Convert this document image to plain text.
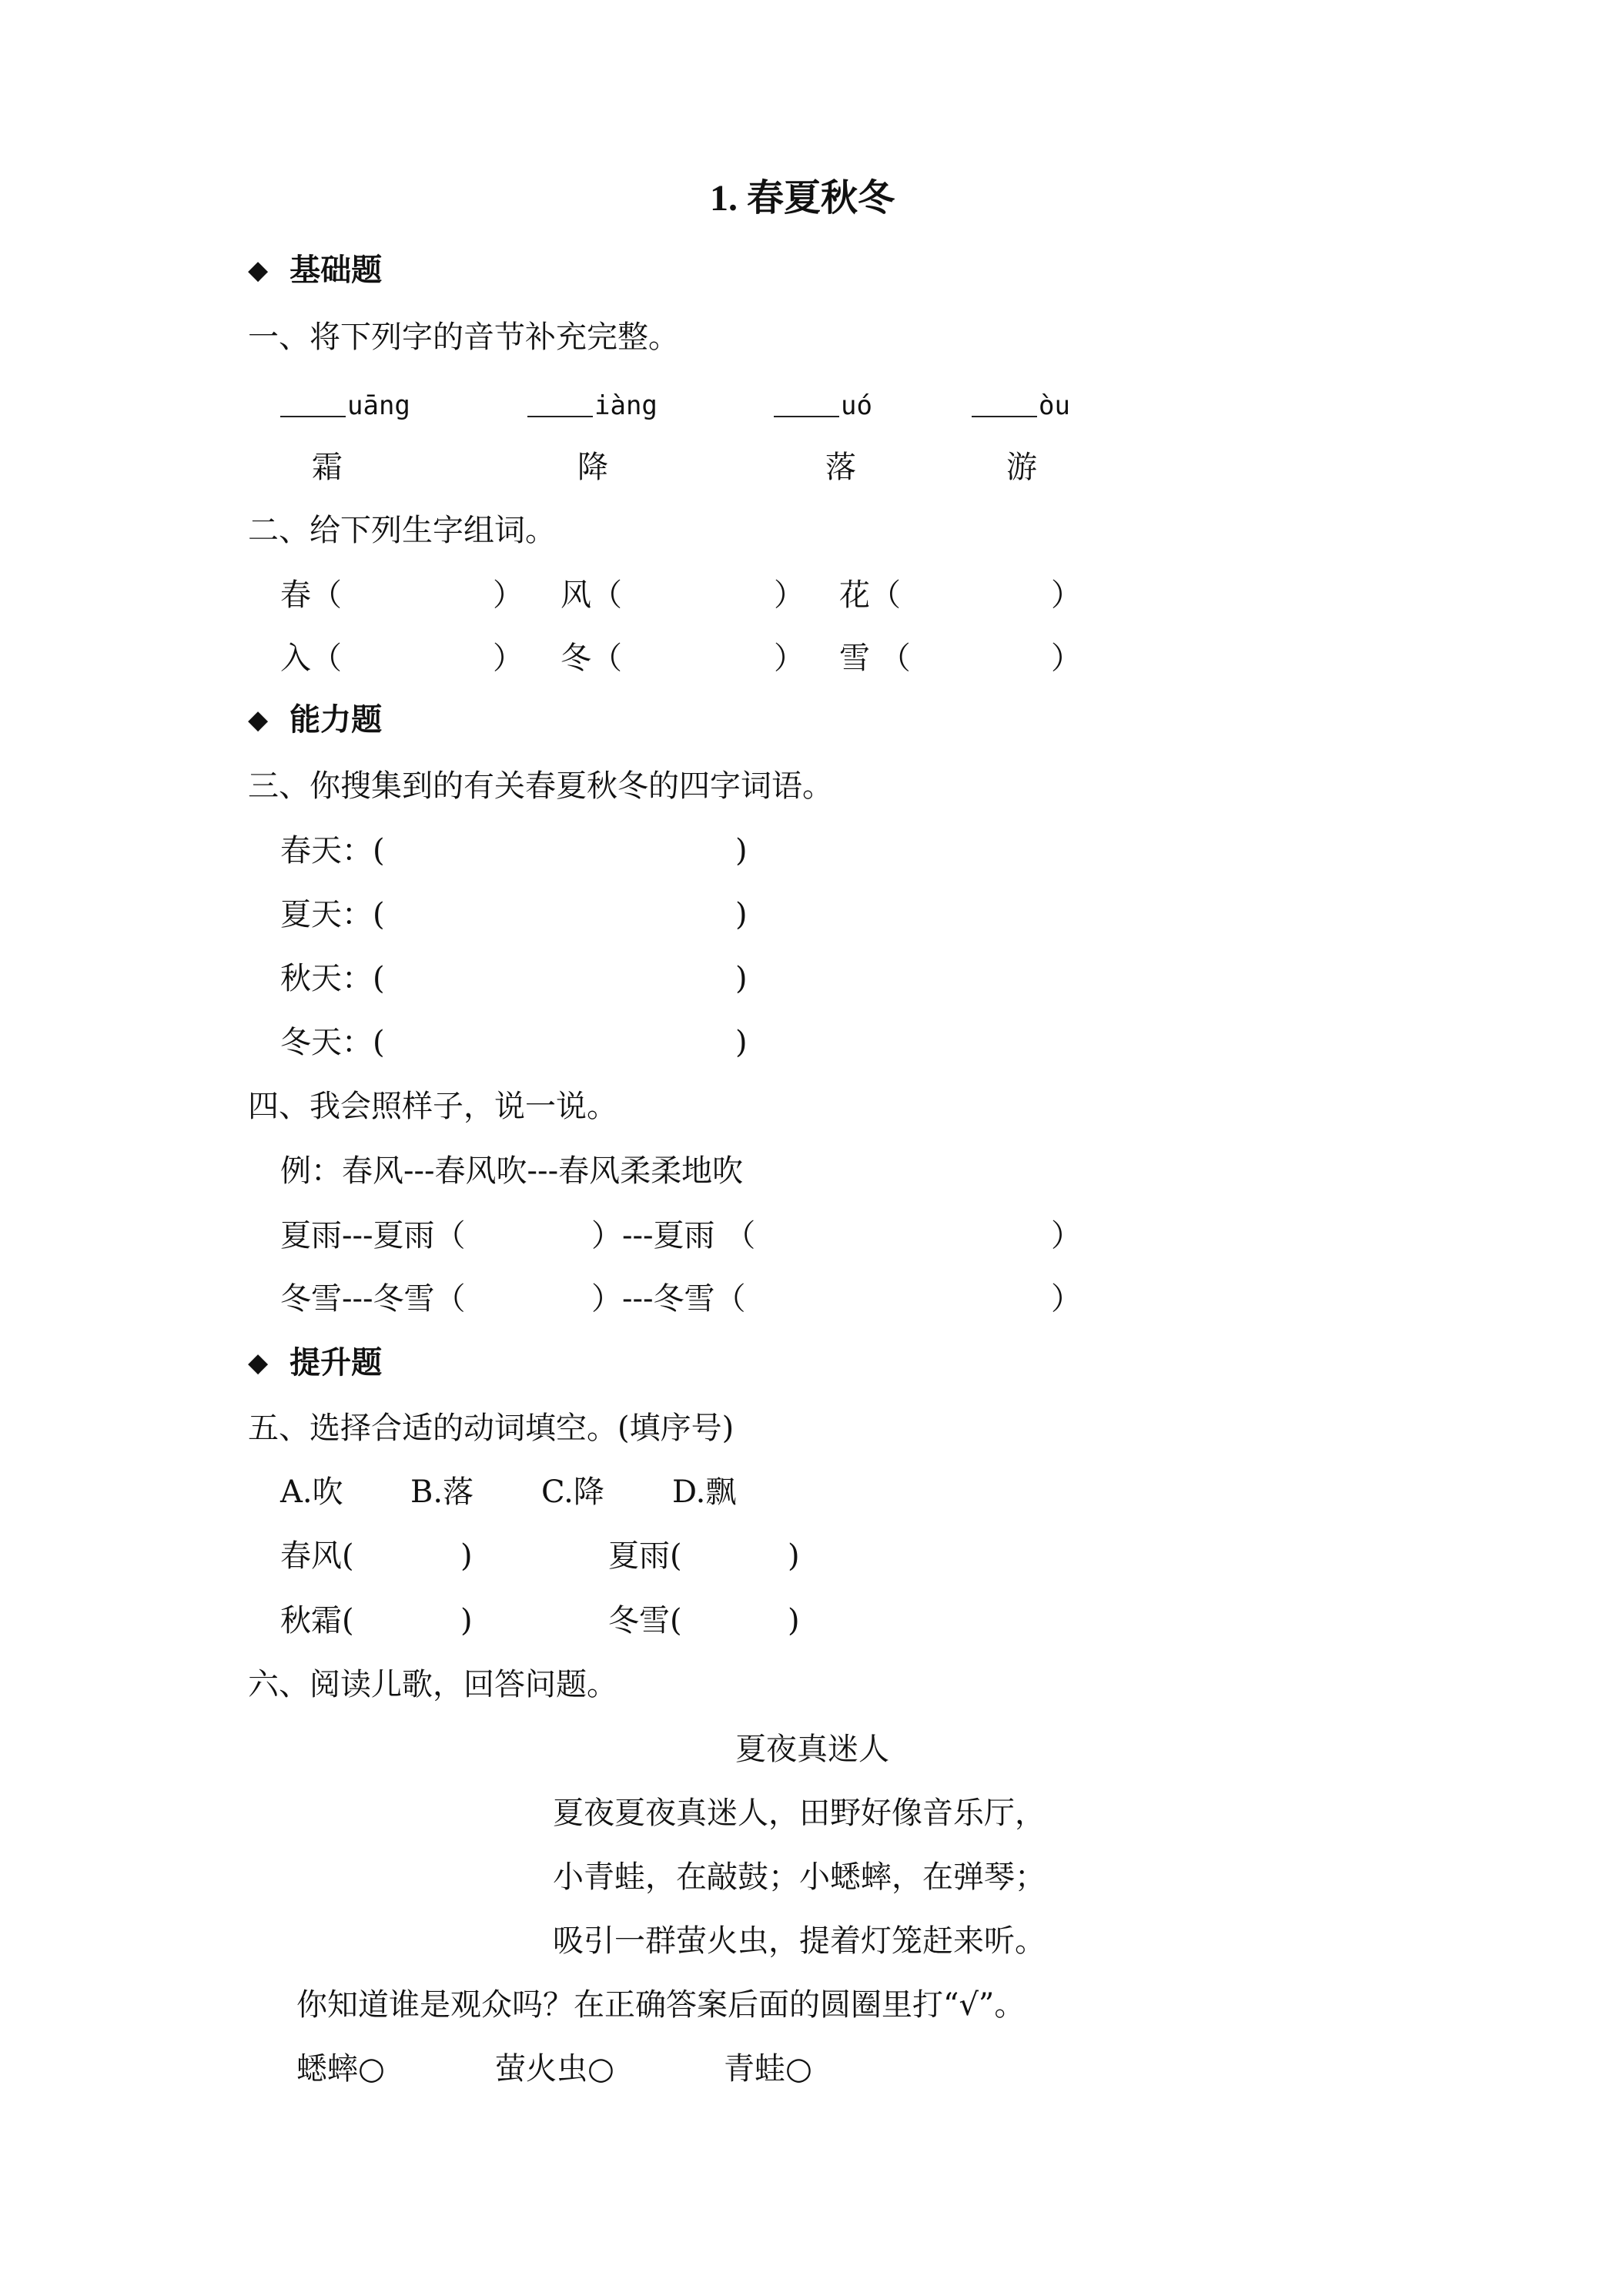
1. 春夏秋冬
◆ 基础题
一、将下列字的音节补充完整。
uāng	iàng	uó	òu
霜	降	落	游
二、给下列生字组词。
春（	） 风（	） 花（	）
入（	） 冬（	） 雪 （	）
◆ 能力题
三、你搜集到的有关春夏秋冬的四字词语。
春天：(	)
夏天：(	)
秋天：(	)
冬天：(	)
四、我会照样子，说一说。
例：春风---春风吹---春风柔柔地吹
夏雨---夏雨（	）---夏雨 （	）
冬雪---冬雪（	）---冬雪（	）
◆ 提升题
五、选择合适的动词填空。(填序号)
A.吹 B.落 C.降 D.飘
春风(	)	夏雨(	)
秋霜(	)	冬雪(	)
六、阅读儿歌，回答问题。
夏夜真迷人
夏夜夏夜真迷人，田野好像音乐厅，
小青蛙，在敲鼓；小蟋蟀，在弹琴；
吸引一群萤火虫，提着灯笼赶来听。
你知道谁是观众吗？在正确答案后面的圆圈里打“√”。
蟋蟀○	萤火虫○	青蛙○
